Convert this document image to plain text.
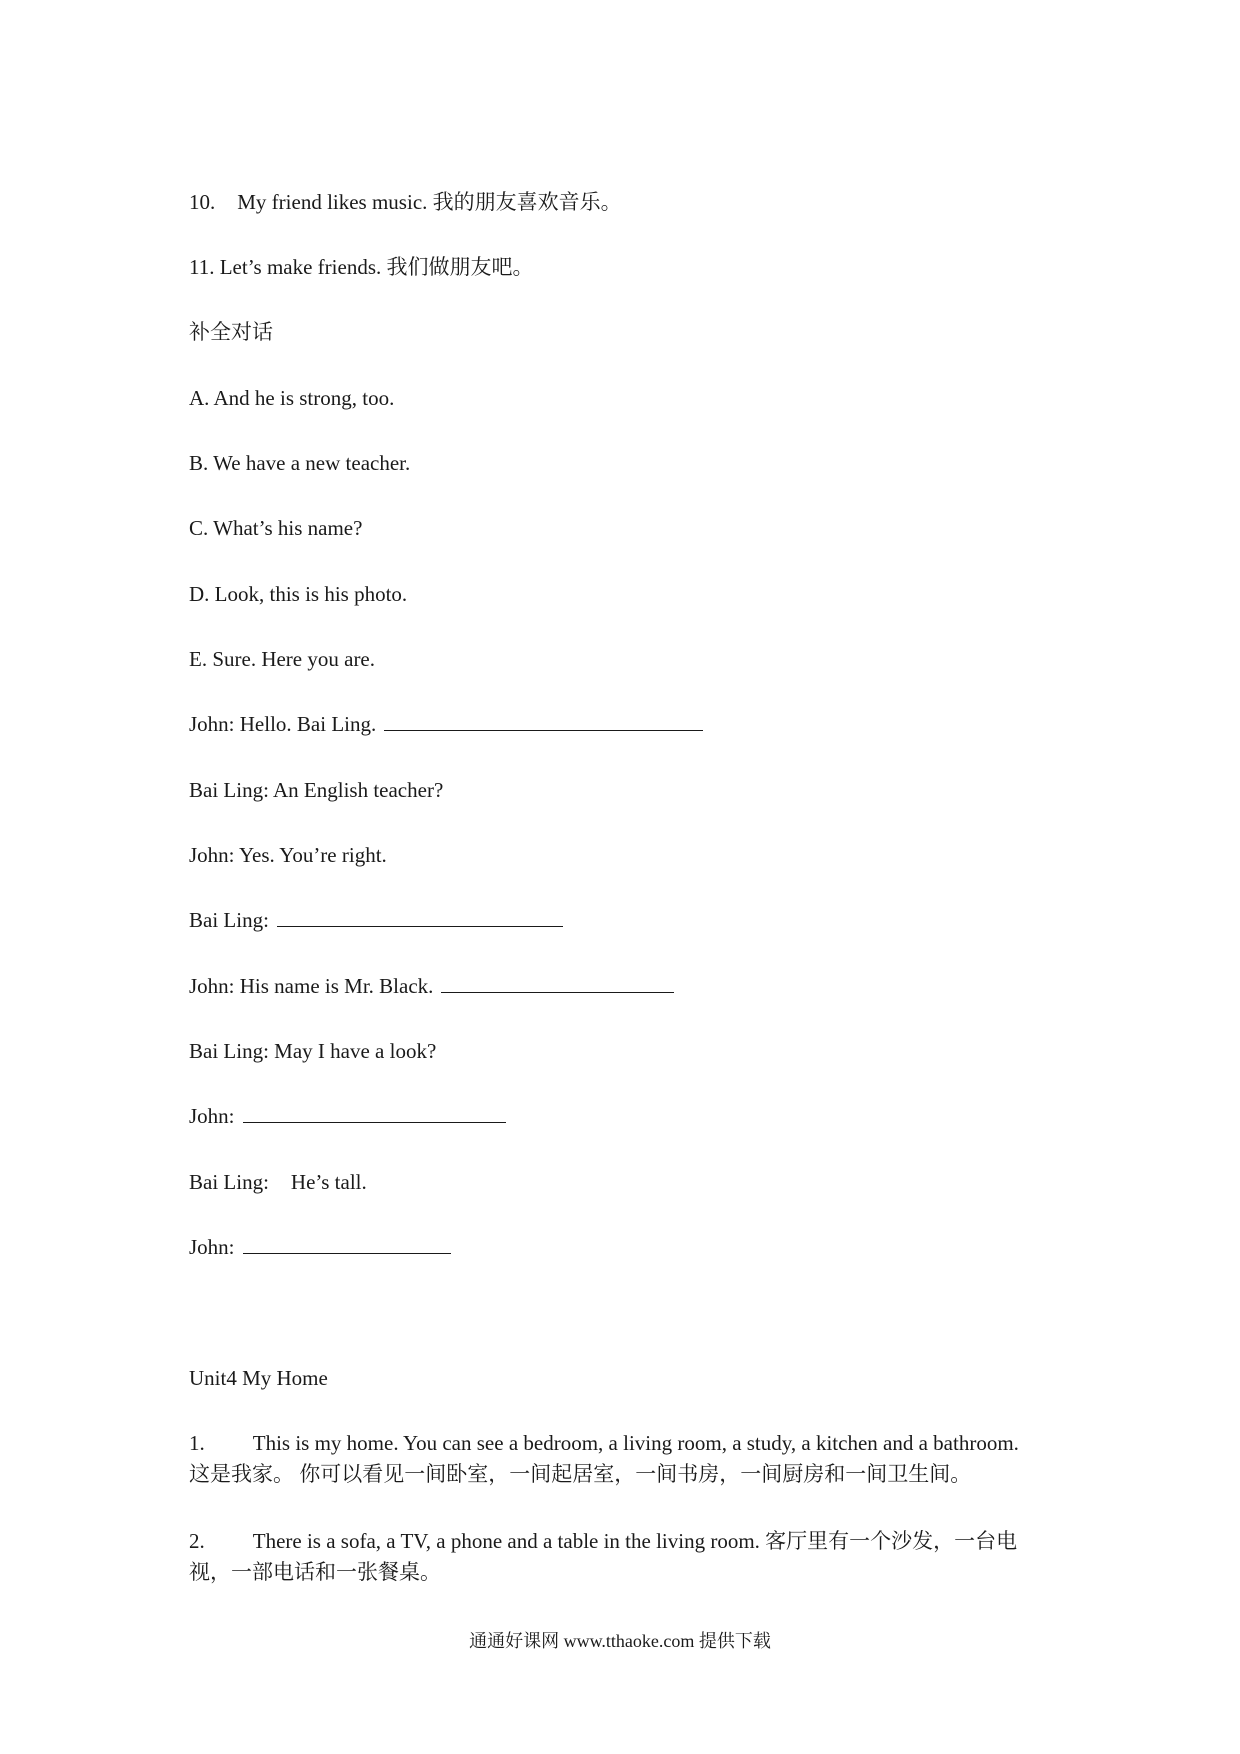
10. My friend likes music. 我的朋友喜欢音乐。
11. Let’s make friends. 我们做朋友吧。
补全对话
A. And he is strong, too.
B. We have a new teacher.
C. What’s his name?
D. Look, this is his photo.
E. Sure. Here you are.
John: Hello. Bai Ling.
Bai Ling: An English teacher?
John: Yes. You’re right.
Bai Ling:
John: His name is Mr. Black.
Bai Ling: May I have a look?
John:
Bai Ling: He’s tall.
John:
Unit4 My Home
1. This is my home. You can see a bedroom, a living room, a study, a kitchen and a bathroom.
这是我家。 你可以看见一间卧室，一间起居室，一间书房，一间厨房和一间卫生间。
2. There is a sofa, a TV, a phone and a table in the living room. 客厅里有一个沙发，一台电
视，一部电话和一张餐桌。
通通好课网 www.tthaoke.com 提供下载
